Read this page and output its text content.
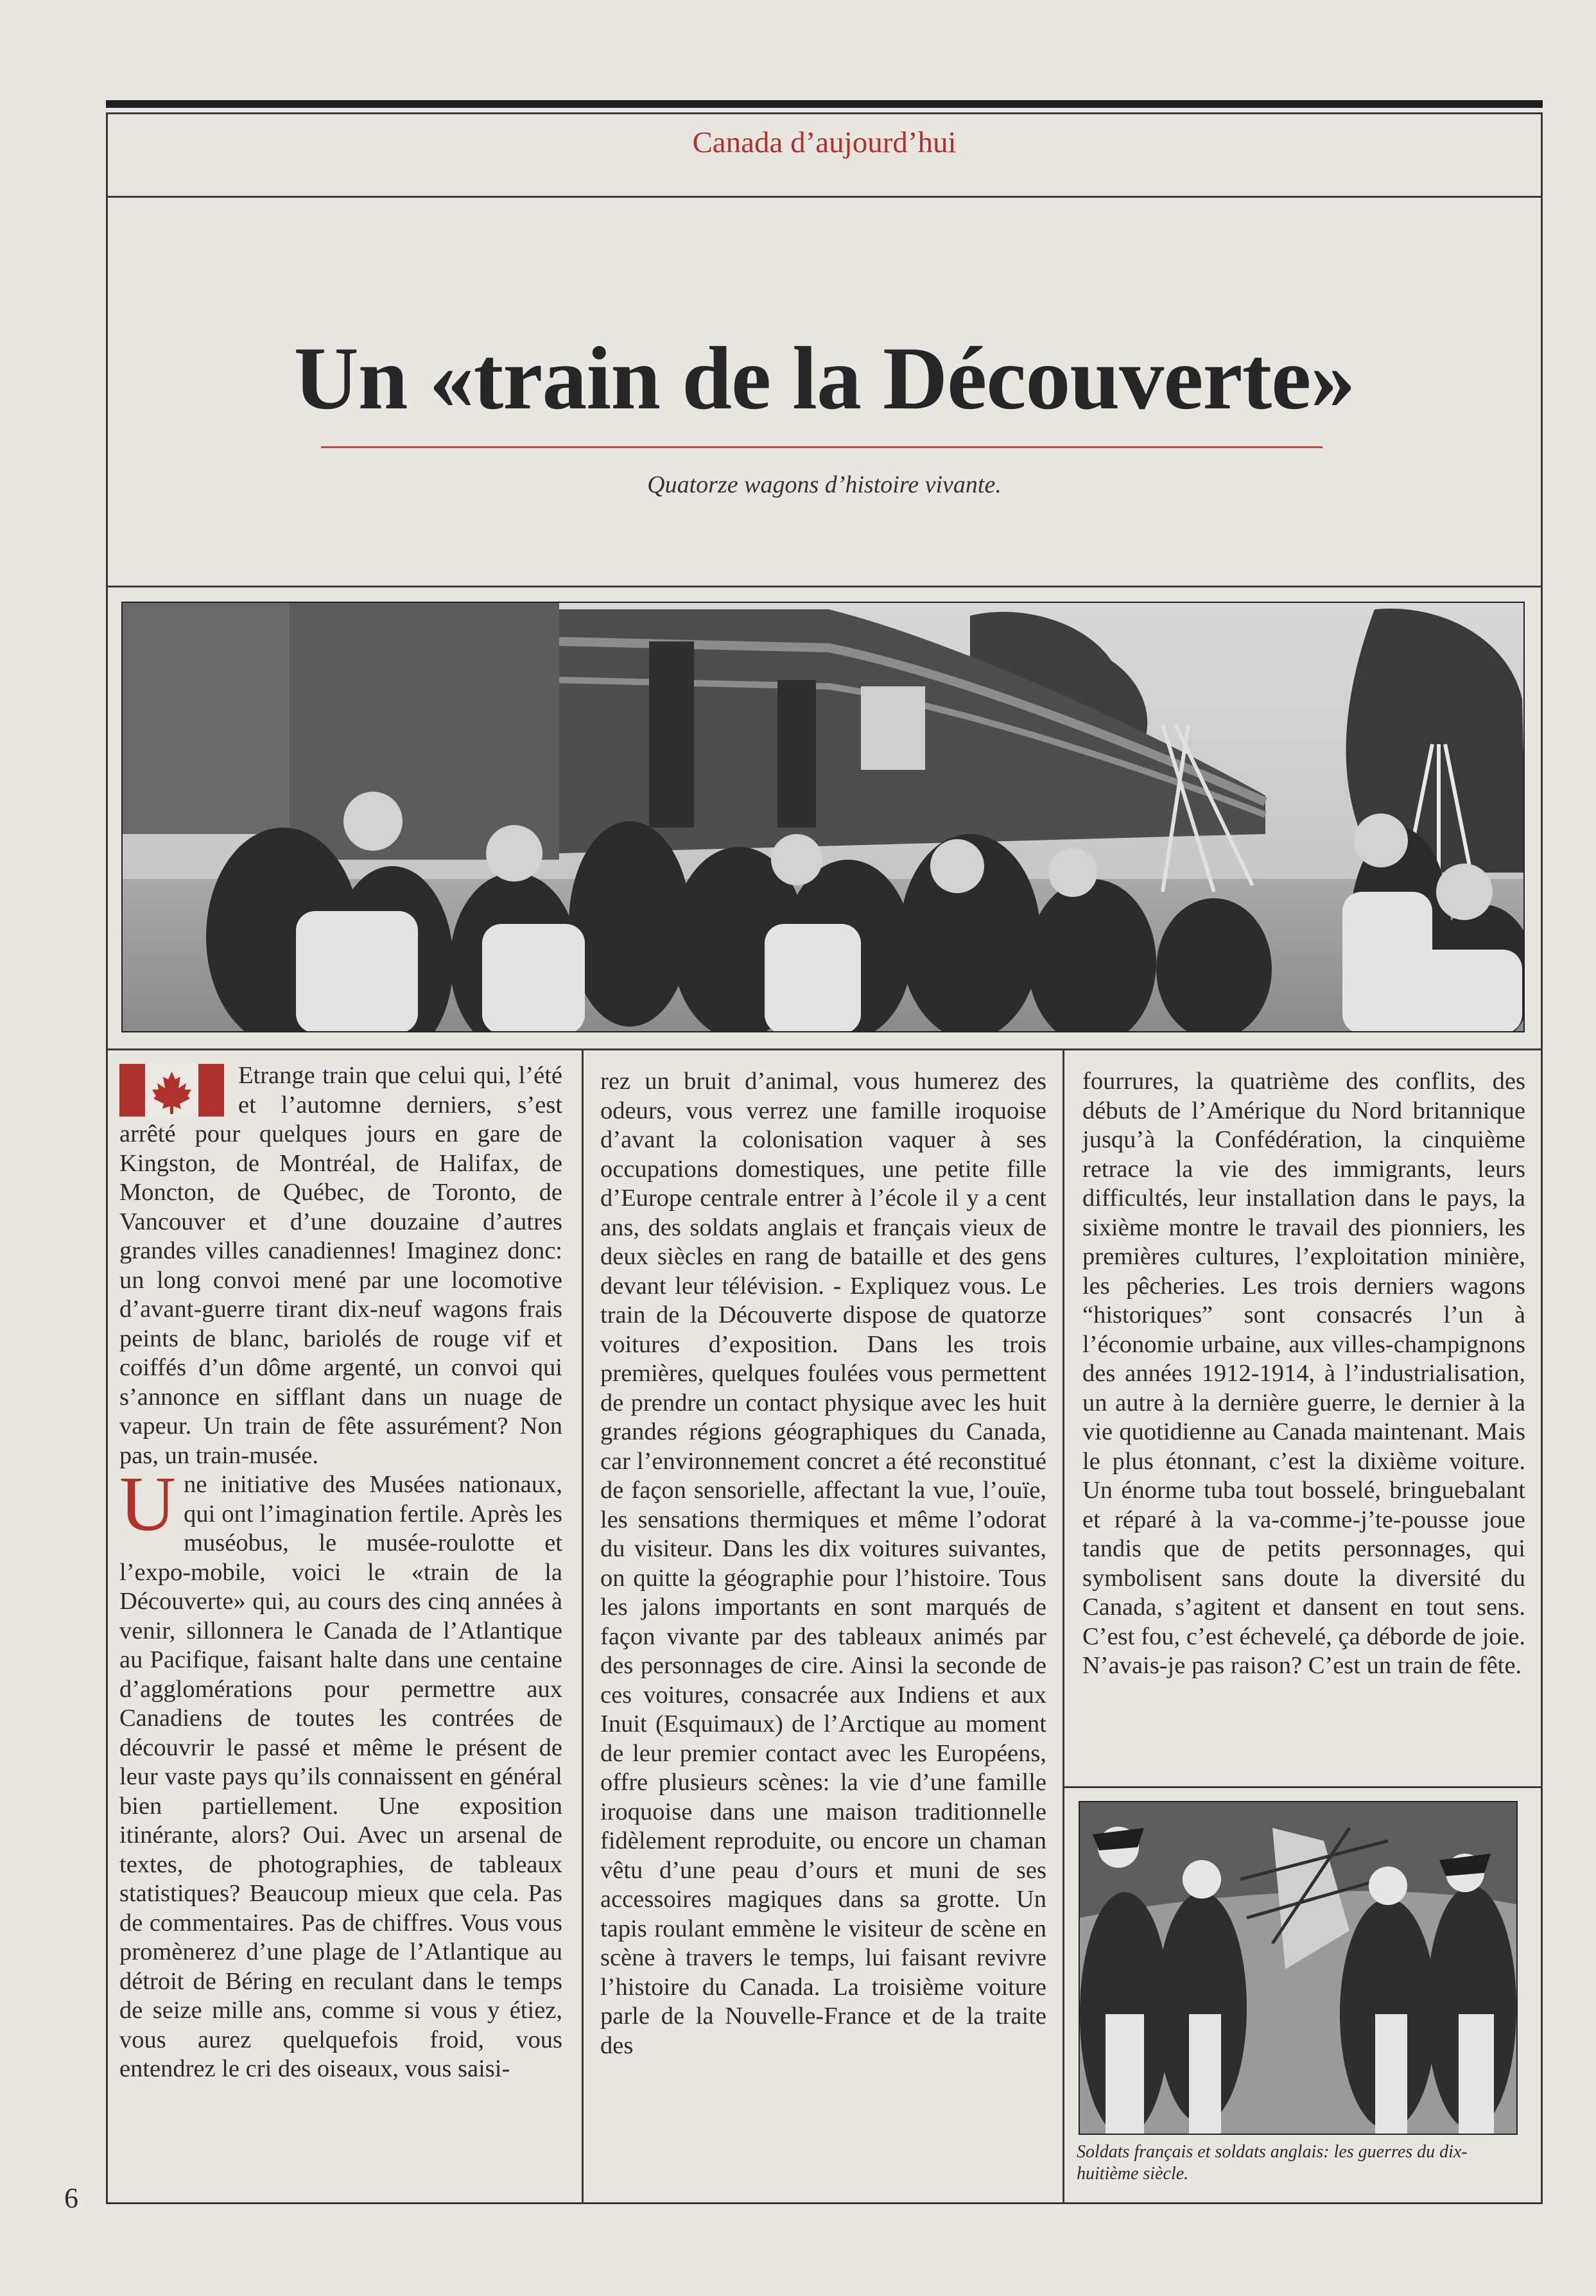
Canada d’aujourd’hui
Un «train de la Découverte»
Quatorze wagons d’histoire vivante.

Etrange train que celui qui, l’été et l’automne derniers, s’est arrêté pour quelques jours en gare de Kingston, de Montréal, de Halifax, de Moncton, de Québec, de Toronto, de Vancouver et d’une douzaine d’autres grandes villes canadiennes! Imaginez donc: un long convoi mené par une locomotive d’avant-guerre tirant dix-neuf wagons frais peints de blanc, bariolés de rouge vif et coiffés d’un dôme argenté, un convoi qui s’annonce en sifflant dans un nuage de vapeur. Un train de fête assurément? Non pas, un train-musée.

Une initiative des Musées nationaux, qui ont l’imagination fertile. Après les muséobus, le musée-roulotte et l’expo-mobile, voici le «train de la Découverte» qui, au cours des cinq années à venir, sillonnera le Canada de l’Atlantique au Pacifique, faisant halte dans une centaine d’agglomérations pour permettre aux Canadiens de toutes les contrées de découvrir le passé et même le présent de leur vaste pays qu’ils connaissent en général bien partiellement. Une exposition itinérante, alors? Oui. Avec un arsenal de textes, de photographies, de tableaux statistiques? Beaucoup mieux que cela. Pas de commentaires. Pas de chiffres. Vous vous promènerez d’une plage de l’Atlantique au détroit de Béring en reculant dans le temps de seize mille ans, comme si vous y étiez, vous aurez quelquefois froid, vous entendrez le cri des oiseaux, vous saisi-

rez un bruit d’animal, vous humerez des odeurs, vous verrez une famille iroquoise d’avant la colonisation vaquer à ses occupations domestiques, une petite fille d’Europe centrale entrer à l’école il y a cent ans, des soldats anglais et français vieux de deux siècles en rang de bataille et des gens devant leur télévision. - Expliquez vous. Le train de la Découverte dispose de quatorze voitures d’exposition. Dans les trois premières, quelques foulées vous permettent de prendre un contact physique avec les huit grandes régions géographiques du Canada, car l’environnement concret a été reconstitué de façon sensorielle, affectant la vue, l’ouïe, les sensations thermiques et même l’odorat du visiteur. Dans les dix voitures suivantes, on quitte la géographie pour l’histoire. Tous les jalons importants en sont marqués de façon vivante par des tableaux animés par des personnages de cire. Ainsi la seconde de ces voitures, consacrée aux Indiens et aux Inuit (Esquimaux) de l’Arctique au moment de leur premier contact avec les Européens, offre plusieurs scènes: la vie d’une famille iroquoise dans une maison traditionnelle fidèlement reproduite, ou encore un chaman vêtu d’une peau d’ours et muni de ses accessoires magiques dans sa grotte. Un tapis roulant emmène le visiteur de scène en scène à travers le temps, lui faisant revivre l’histoire du Canada. La troisième voiture parle de la Nouvelle-France et de la traite des

fourrures, la quatrième des conflits, des débuts de l’Amérique du Nord britannique jusqu’à la Confédération, la cinquième retrace la vie des immigrants, leurs difficultés, leur installation dans le pays, la sixième montre le travail des pionniers, les premières cultures, l’exploitation minière, les pêcheries. Les trois derniers wagons “historiques” sont consacrés l’un à l’économie urbaine, aux villes-champignons des années 1912-1914, à l’industrialisation, un autre à la dernière guerre, le dernier à la vie quotidienne au Canada maintenant. Mais le plus étonnant, c’est la dixième voiture. Un énorme tuba tout bosselé, bringuebalant et réparé à la va-comme-j’te-pousse joue tandis que de petits personnages, qui symbolisent sans doute la diversité du Canada, s’agitent et dansent en tout sens. C’est fou, c’est échevelé, ça déborde de joie. N’avais-je pas raison? C’est un train de fête.

Soldats français et soldats anglais: les guerres du dix-huitième siècle.
6
